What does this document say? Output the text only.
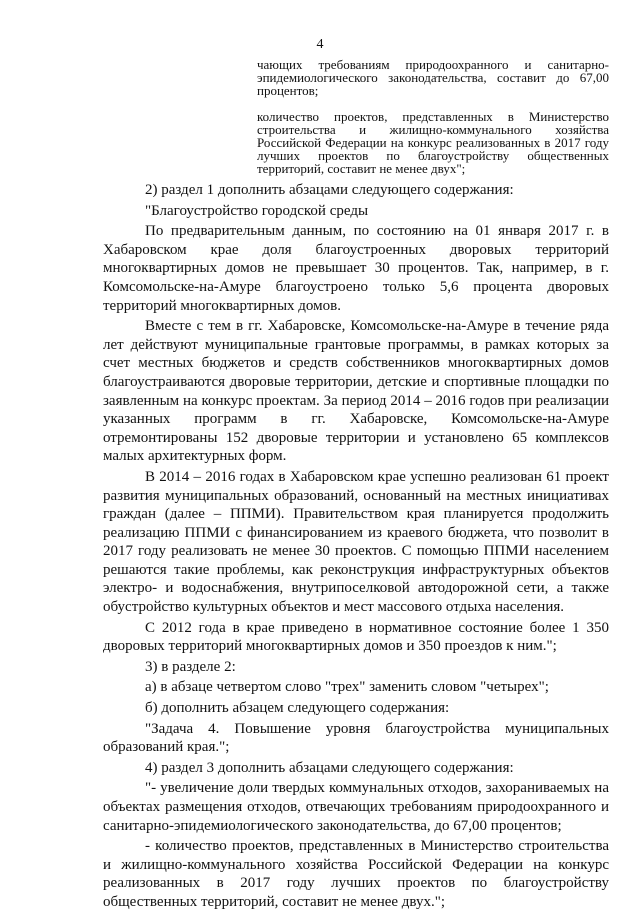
4
чающих требованиям природоохранного и санитарно-эпидемиологического законодательства, составит до 67,00 процентов;
количество проектов, представленных в Министерство строительства и жилищно-коммунального хозяйства Российской Федерации на конкурс реализованных в 2017 году лучших проектов по благоустройству общественных территорий, составит не менее двух";

2) раздел 1 дополнить абзацами следующего содержания:

"Благоустройство городской среды

По предварительным данным, по состоянию на 01 января 2017 г. в Хабаровском крае доля благоустроенных дворовых территорий многоквартирных домов не превышает 30 процентов. Так, например, в г. Комсомольске-на-Амуре благоустроено только 5,6 процента дворовых территорий многоквартирных домов.

Вместе с тем в гг. Хабаровске, Комсомольске-на-Амуре в течение ряда лет действуют муниципальные грантовые программы, в рамках которых за счет местных бюджетов и средств собственников многоквартирных домов благоустраиваются дворовые территории, детские и спортивные площадки по заявленным на конкурс проектам. За период 2014 – 2016 годов при реализации указанных программ в гг. Хабаровске, Комсомольске-на-Амуре отремонтированы 152 дворовые территории и установлено 65 комплексов малых архитектурных форм.

В 2014 – 2016 годах в Хабаровском крае успешно реализован 61 проект развития муниципальных образований, основанный на местных инициативах граждан (далее – ППМИ). Правительством края планируется продолжить реализацию ППМИ с финансированием из краевого бюджета, что позволит в 2017 году реализовать не менее 30 проектов. С помощью ППМИ населением решаются такие проблемы, как реконструкция инфраструктурных объектов электро- и водоснабжения, внутрипоселковой автодорожной сети, а также обустройство культурных объектов и мест массового отдыха населения.

С 2012 года в крае приведено в нормативное состояние более 1 350 дворовых территорий многоквартирных домов и 350 проездов к ним.";

3) в разделе 2:

а) в абзаце четвертом слово "трех" заменить словом "четырех";

б) дополнить абзацем следующего содержания:

"Задача 4. Повышение уровня благоустройства муниципальных образований края.";

4) раздел 3 дополнить абзацами следующего содержания:

"- увеличение доли твердых коммунальных отходов, захораниваемых на объектах размещения отходов, отвечающих требованиям природоохранного и санитарно-эпидемиологического законодательства, до 67,00 процентов;

- количество проектов, представленных в Министерство строительства и жилищно-коммунального хозяйства Российской Федерации на конкурс реализованных в 2017 году лучших проектов по благоустройству общественных территорий, составит не менее двух.";
